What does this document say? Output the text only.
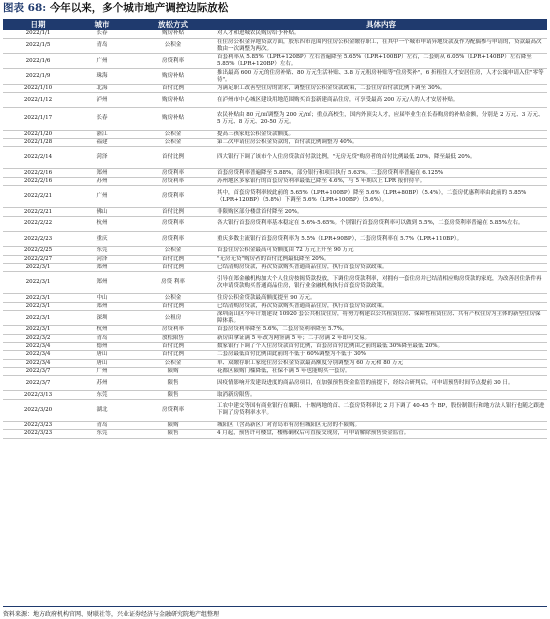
图表 68: 今年以来，多个城市地产调控边际放松
日期	城市	放松方式	具体内容
2022/1/1	长春	购房补贴	对人才和进城农民购房给予补贴。
2022/1/5	青岛	公积金	在住房公积金异地贷款方面，胶东四市范围内住房公积金缴存职工，在其中一个城市申请异地贷款及作为配偶参与申请的，贷款最高次数由一次调整为两次。
2022/1/6	广州	房贷利率	首套利率从 5.85%（LPR+120BP）左右普遍降至 5.65%（LPR+100BP）左右，二套则从 6.05%（LPR+140BP）左右降至 5.85%（LPR+120BP）左右。
2022/1/9	珠海	购房补贴	推出最高 600 万元的住房补贴、80 万元生活补贴、3.8 万元租房补贴等"住房奖补"，6 折租住人才安居住房，人才公寓申请入住"零等待"。
2022/1/10	北海	首付比例	为满足职工改善型住房的需求，调整住房公积金贷款政策，二套住房首付款比例下调至 30%。
2022/1/12	泸州	购房补贴	在泸州市中心城区建设用地范围购买首套新建商品住房，可享受最高 200 万元/人的人才安居补贴。
2022/1/17	长春	购房补贴	农民补贴由 80 元/㎡调整为 200 元/㎡；重点高校生，国内外顶尖人才，应届毕业生在长春购房的补贴金额，分别是 2 万元、3 万元、5 万元、8 万元、20-50 万元。
2022/1/20	浙江	公积金	提高三孩家庭公积金贷款额度。
2022/1/28	福建	公积金	第二次申请住房公积金贷款的，首付款比例调整为 40%。
2022/2/14	菏泽	首付比例	四大银行下调了该市个人住房贷款首付款比例，"无房无贷"购房者的首付比例最低 20%，降至最低 20%。
2022/2/16	郑州	房贷利率	首套房贷利率普遍降至 5.88%，部分银行和项目执行 5.63%。二套房贷利率普遍在 6.125%
2022/2/16	苏州	房贷利率	苏州地区多家银行的首套房贷利率最低已降至 4.6%，与 5 年期以上 LPR 报价持平。
2022/2/21	广州	房贷利率	其中，首套房贷利率较此前的 5.65%（LPR+100BP）降至 5.6%（LPR+80BP）（5.4%），二套房优惠利率由此前的 5.85%（LPR+120BP）（5.8%）下调至 5.6%（LPR+100BP）（5.6%）。
2022/2/21	佛山	首付比例	非限购区部分楼盘首付降至 20%。
2022/2/22	杭州	房贷利率	各大银行首套房贷利率基本稳定在 5.6%-5.65%。个别银行首套房贷利率可以做到 5.5%，二套房贷利率普遍在 5.85%左右。
2022/2/23	重庆	房贷利率	重庆多数主流银行首套房贷利率为 5.5%（LPR+90BP），二套房贷利率在 5.7%（LPR+110BP）。
2022/2/25	东莞	公积金	首套住房公积金最高可贷额度由 72 万元上升至 90 万元
2022/2/27	菏泽	首付比例	"无房无贷"购房者的首付比例最低降至 20%。
2022/3/1	郑州	首付比例	已结清购房贷款，再次贷款购买普通商品住房，执行首套房贷款政策。
2022/3/1	郑州	房贷 利率	引导在郑金融机构加大个人住房按揭贷款投放，下调住房贷款利率，对拥有一套住房并已结清相应购房贷款的家庭，为改善居住条件再次申请贷款购买普通商品住房，银行业金融机构执行首套房贷款政策。
2022/3/1	中山	公积金	住房公积金贷款最高额度提至 90 万元。
2022/3/1	郑州	首付比例	已结清购房贷款，再次贷款购买普通商品住房，执行首套房贷款政策。
2022/3/1	深圳	公租房	深圳南山区今年计划建设 10920 套公共租赁住房，将努力构建以公共租赁住房、保障性租赁住房、共有产权住房为主体的新型住房保障体系。
2022/3/1	杭州	房贷利率	首套房贷利率降至 5.6%，二套房贷利率降至 5.7%。
2022/3/2	青岛	放松限售	新房由拿证满 5 年改为网签满 5 年；二手房满 2 年即可交易。
2022/3/4	德州	首付比例	数家银行下调了个人住房贷款首付比例，首套房首付比例由之前的最低 30%降至最低 20%。
2022/3/4	唐山	首付比例	二套房最低首付比例由此前的不低于 60%调整为不低于 30%
2022/3/4	唐山	公积金	单、双缴存职工家庭住房公积金贷款最高额度分别调整为 60 万元和 80 万元
2022/3/7	广州	限购	花都区限购门槛降低，社保不满 5 年也能购买一套房。
2022/3/7	苏州	限售	因疫情影响开发建设进度的商品房项目，在加强预售资金监管的前提下，经综合研判后，可申请预售时间节点提前 30 日。
2022/3/13	东莞	限售	取消新房限售。
2022/3/20	湖北	房贷利率	工农中建交等国有商业银行在襄阳、十堰两地的首、二套房贷利率比 2 月下调了 40-45 个 BP，股份制银行和地方法人银行也随之跟进下调了房贷利率水平。
2022/3/23	青岛	限购	城阳区（含高新区）对青岛市有房但城阳区无房的不限购。
2022/3/23	东莞	限售	4 月起，预售许可楼盘，楼栋确权后可直接交现房，可申请解除预售资金监管。
资料来源：地方政府机构官网、财联社等，兴业证券经济与金融研究院地产组整理
